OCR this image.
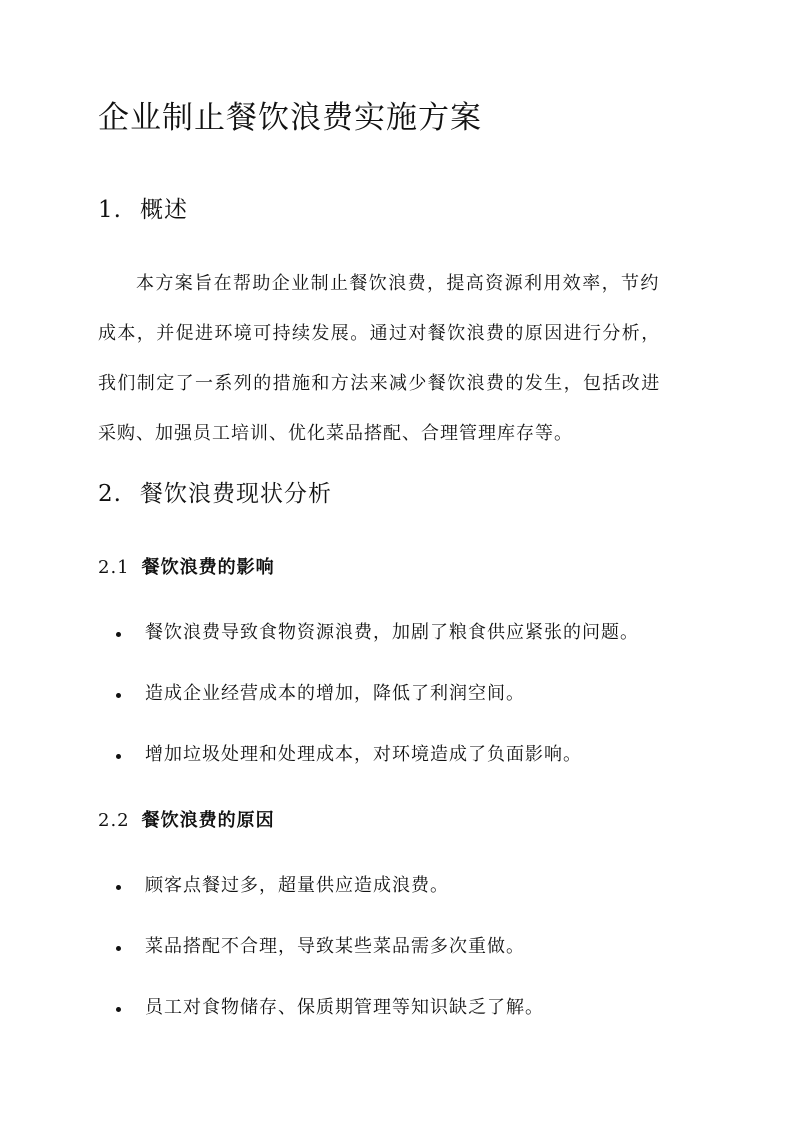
企业制止餐饮浪费实施方案
1. 概述
本方案旨在帮助企业制止餐饮浪费，提高资源利用效率，节约
成本，并促进环境可持续发展。通过对餐饮浪费的原因进行分析，
我们制定了一系列的措施和方法来减少餐饮浪费的发生，包括改进
采购、加强员工培训、优化菜品搭配、合理管理库存等。
2. 餐饮浪费现状分析
2.1 餐饮浪费的影响
餐饮浪费导致食物资源浪费，加剧了粮食供应紧张的问题。
造成企业经营成本的增加，降低了利润空间。
增加垃圾处理和处理成本，对环境造成了负面影响。
2.2 餐饮浪费的原因
顾客点餐过多，超量供应造成浪费。
菜品搭配不合理，导致某些菜品需多次重做。
员工对食物储存、保质期管理等知识缺乏了解。
